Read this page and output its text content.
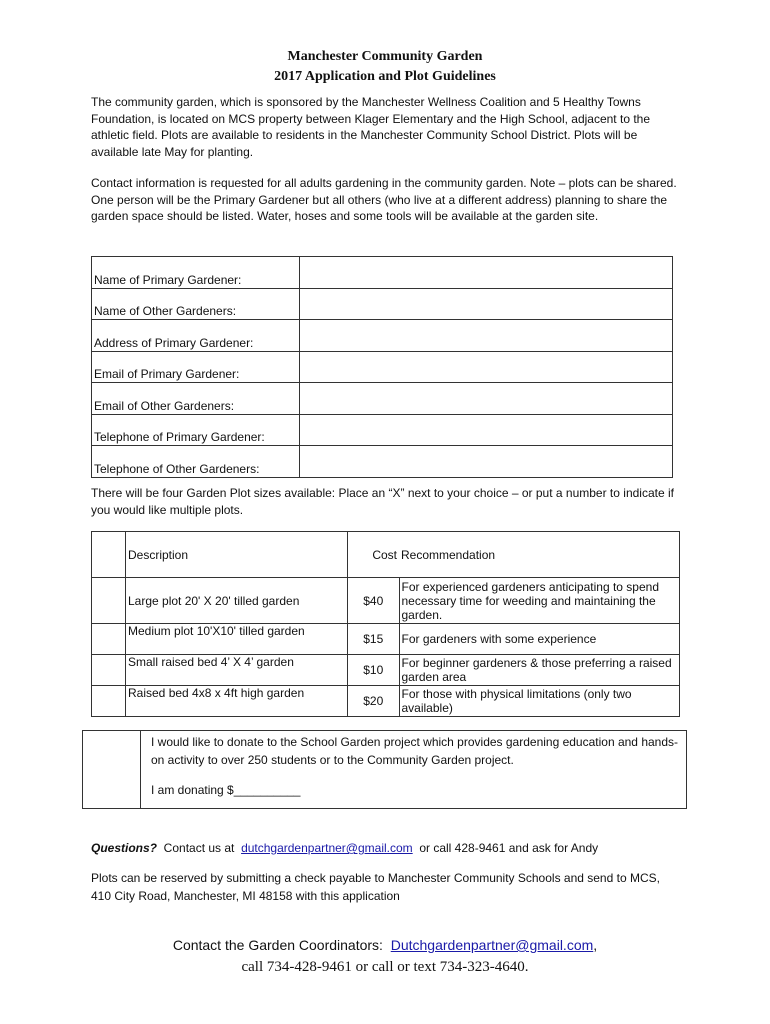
Manchester Community Garden
2017 Application and Plot Guidelines
The community garden, which is sponsored by the Manchester Wellness Coalition and 5 Healthy Towns Foundation, is located on MCS property between Klager Elementary and the High School, adjacent to the athletic field. Plots are available to residents in the Manchester Community School District. Plots will be available late May for planting.
Contact information is requested for all adults gardening in the community garden. Note – plots can be shared. One person will be the Primary Gardener but all others (who live at a different address) planning to share the garden space should be listed. Water, hoses and some tools will be available at the garden site.
Name of Primary Gardener:	
Name of Other Gardeners:	
Address of Primary Gardener:	
Email of Primary Gardener:	
Email of Other Gardeners:	
Telephone of Primary Gardener:	
Telephone of Other Gardeners:	
There will be four Garden Plot sizes available: Place an “X” next to your choice – or put a number to indicate if you would like multiple plots.
	Description	Cost	Recommendation
	Large plot 20' X 20' tilled garden	$40	For experienced gardeners anticipating to spend necessary time for weeding and maintaining the garden.
	Medium plot 10'X10' tilled garden	$15	For gardeners with some experience
	Small raised bed 4’ X 4’ garden	$10	For beginner gardeners & those preferring a raised garden area
	Raised bed 4x8 x 4ft high garden	$20	For those with physical limitations (only two available)

I would like to donate to the School Garden project which provides gardening education and hands-on activity to over 250 students or to the Community Garden project.
I am donating $__________
Questions?  Contact us at  dutchgardenpartner@gmail.com  or call 428-9461 and ask for Andy
Plots can be reserved by submitting a check payable to Manchester Community Schools and send to MCS, 410 City Road, Manchester, MI 48158 with this application
Contact the Garden Coordinators:  Dutchgardenpartner@gmail.com,
call 734-428-9461 or call or text 734-323-4640.
